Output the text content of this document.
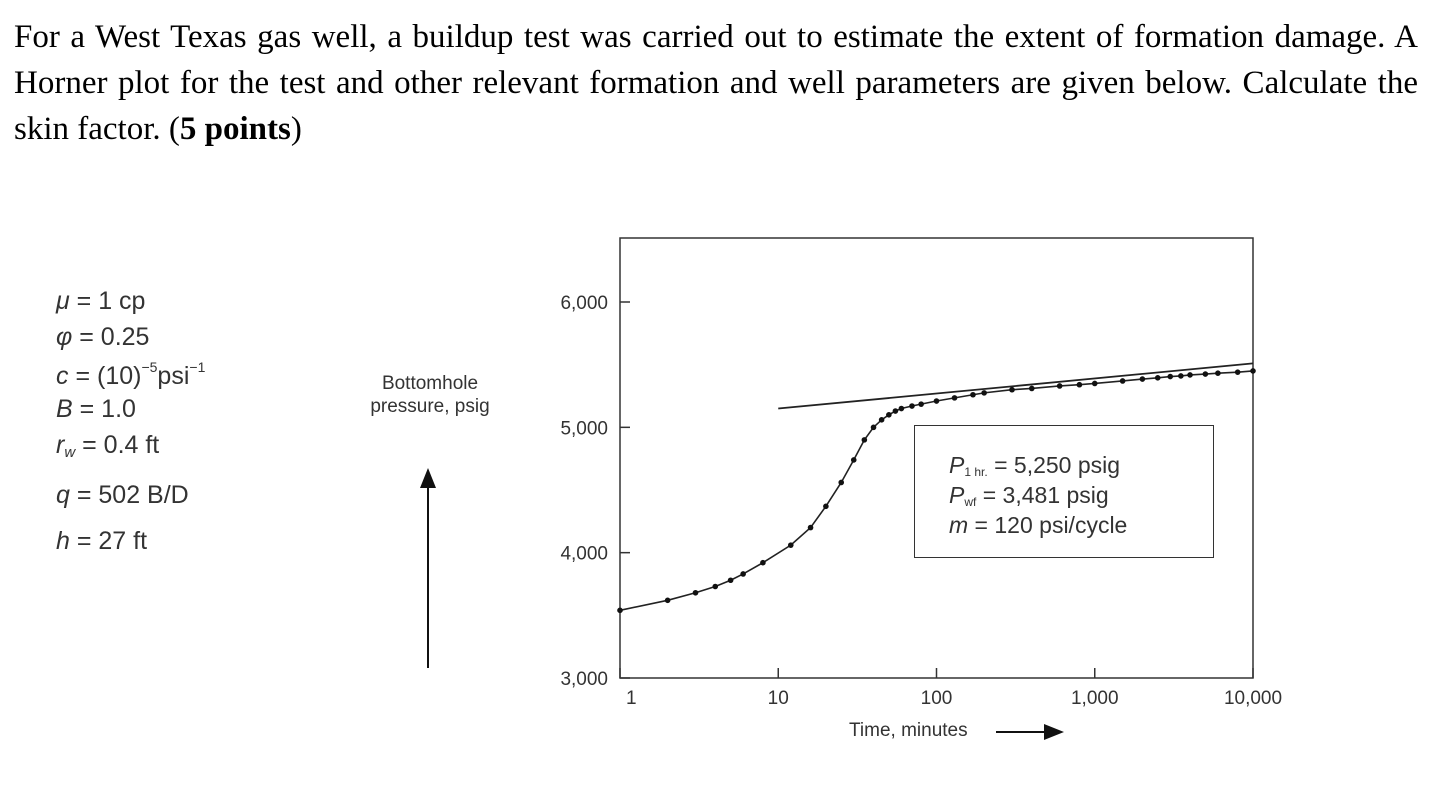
For a West Texas gas well, a buildup test was carried out to estimate the extent of formation damage. A Horner plot for the test and other relevant formation and well parameters are given below. Calculate the skin factor. (5 points)
μ = 1 cp
φ = 0.25
$c = (10)^{-5}psi^{-1}$
B = 1.0
$r_w = 0.4$ ft
q = 502 B/D
h = 27 ft
Bottomhole pressure, psig
3,000
4,000
5,000
6,000
1	10	100	1,000	10,000
$P_{1 hr.} = 5,250$ psig
$P_{wf} = 3,481$ psig
m = 120 psi/cycle
Time, minutes
